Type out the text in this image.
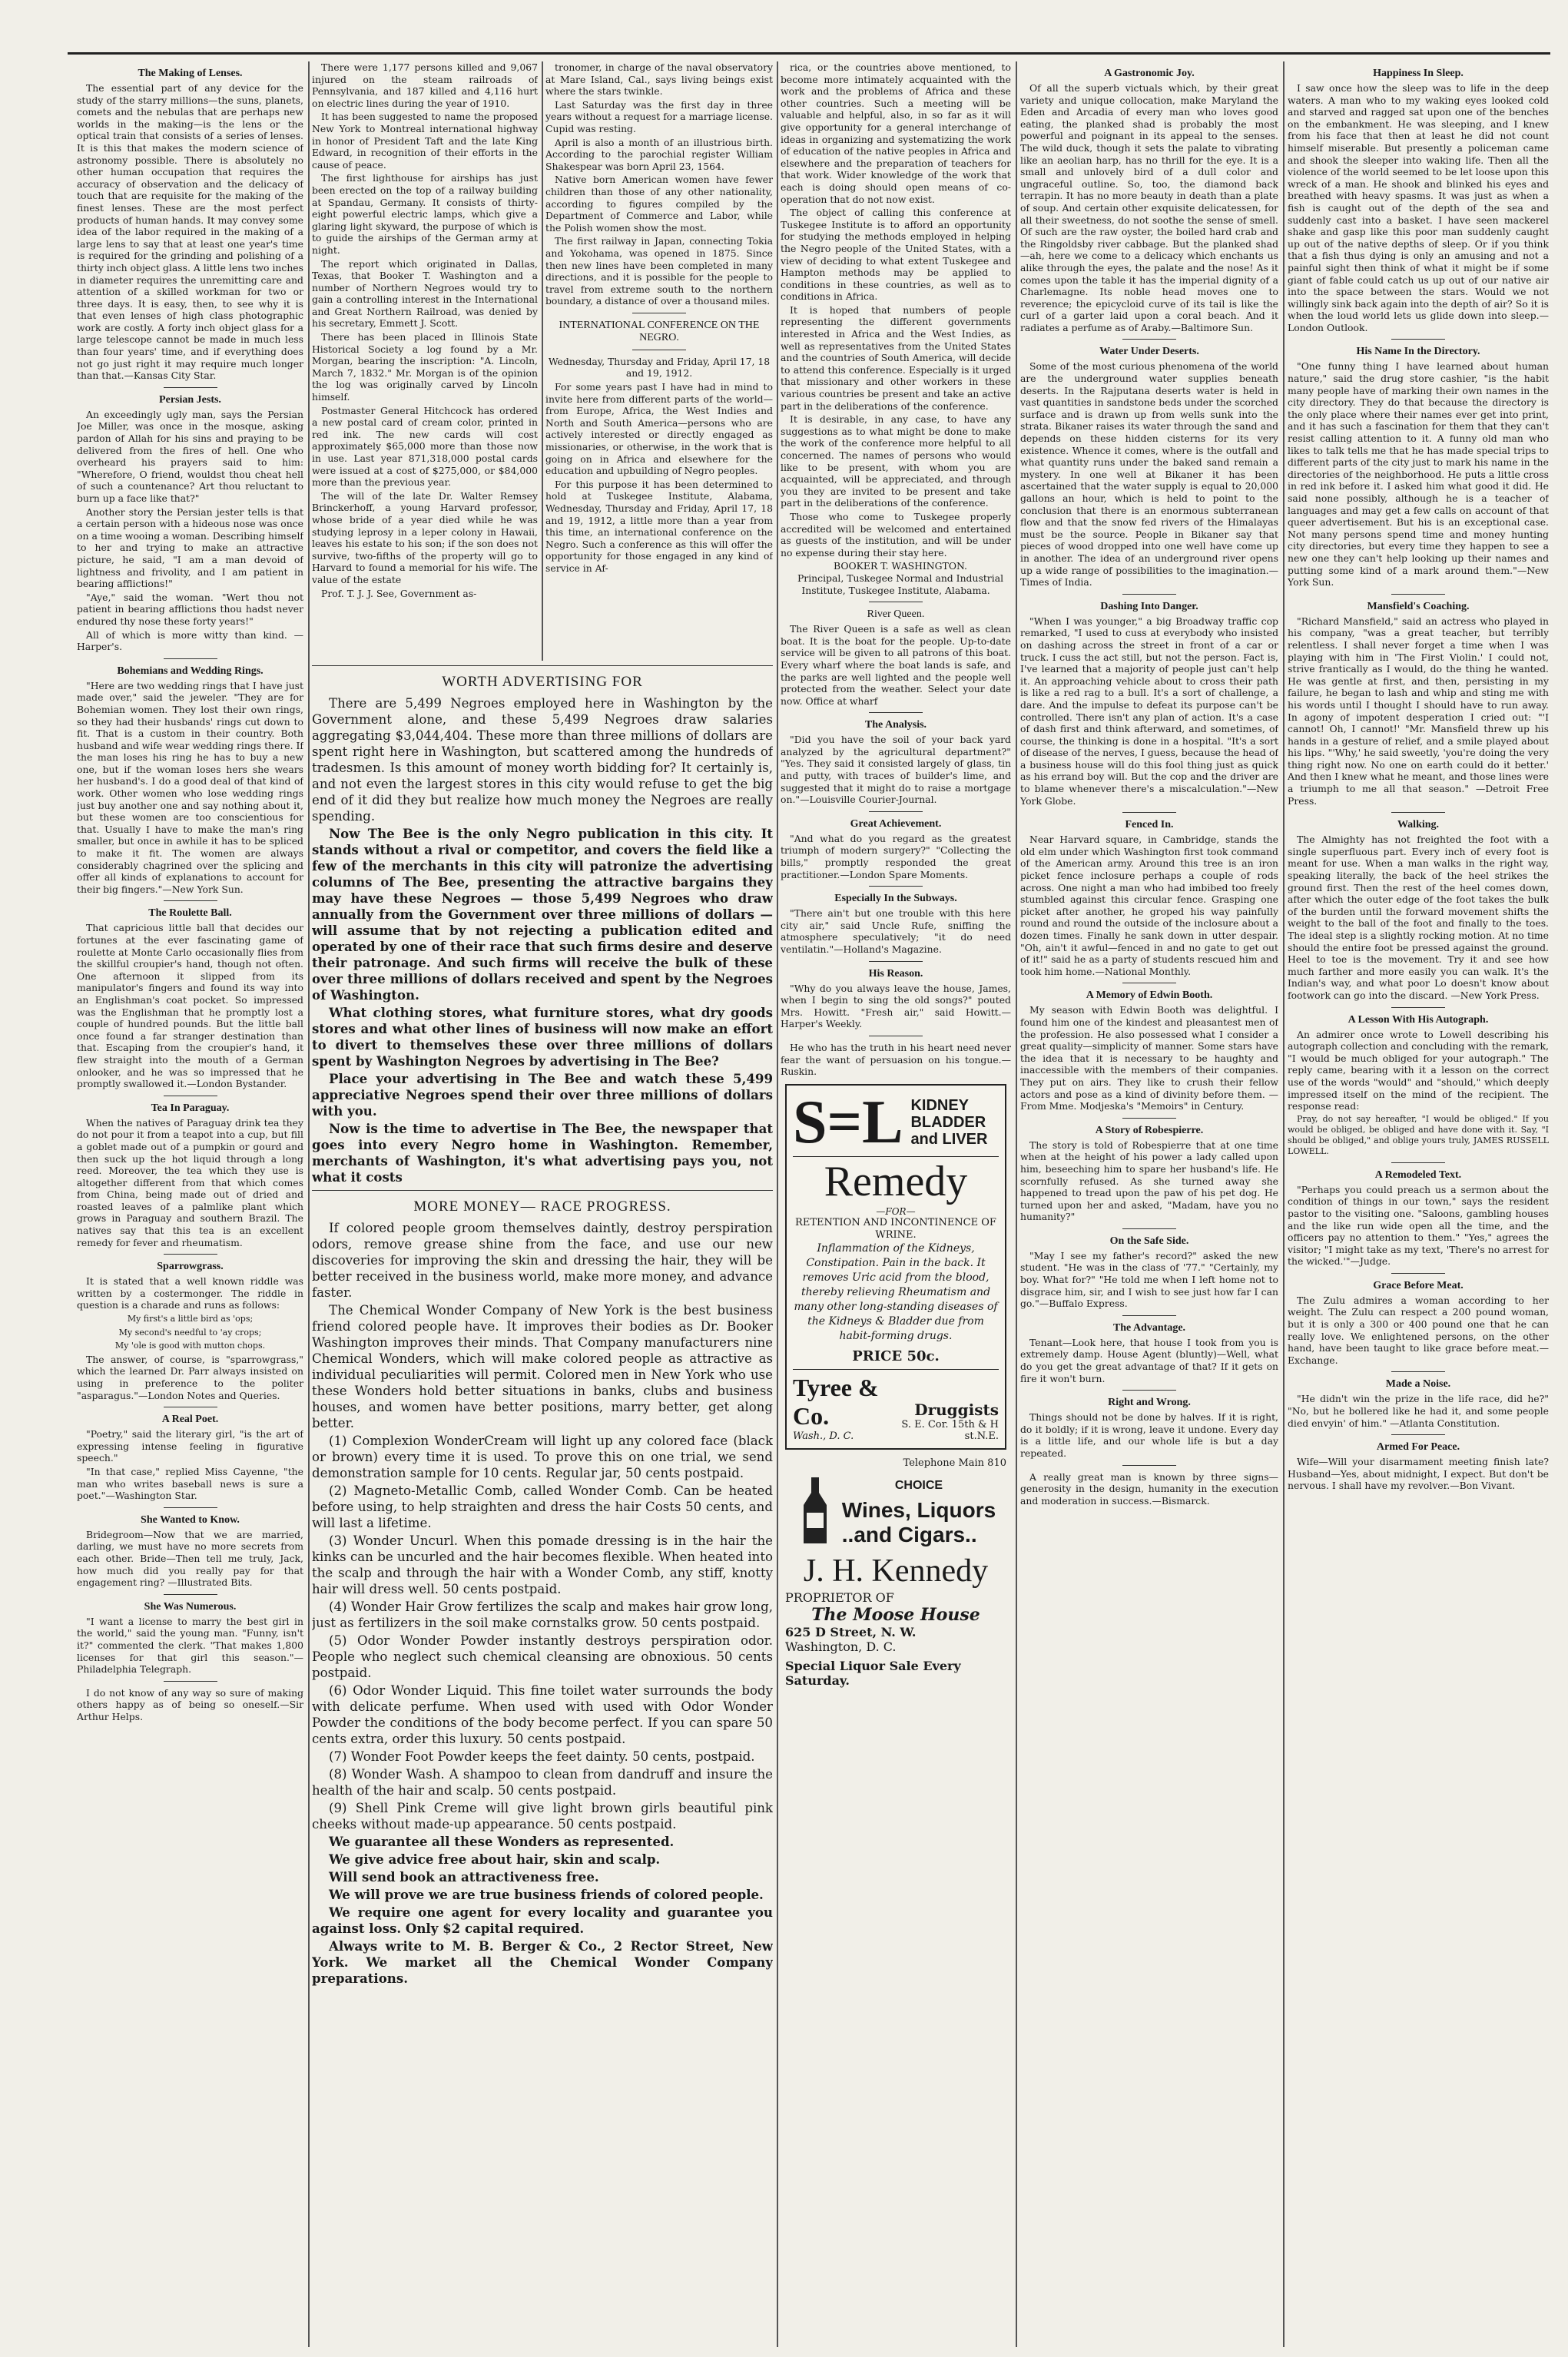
The Making of Lenses.

The essential part of any device for the study of the starry millions—the suns, planets, comets and the nebulas that are perhaps new worlds in the making—is the lens or the optical train that consists of a series of lenses. It is this that makes the modern science of astronomy possible. There is absolutely no other human occupation that requires the accuracy of observation and the delicacy of touch that are requisite for the making of the finest lenses. These are the most perfect products of human hands. It may convey some idea of the labor required in the making of a large lens to say that at least one year's time is required for the grinding and polishing of a thirty inch object glass. A little lens two inches in diameter requires the unremitting care and attention of a skilled workman for two or three days. It is easy, then, to see why it is that even lenses of high class photographic work are costly. A forty inch object glass for a large telescope cannot be made in much less than four years' time, and if everything does not go just right it may require much longer than that.—Kansas City Star.

Persian Jests.

An exceedingly ugly man, says the Persian Joe Miller, was once in the mosque, asking pardon of Allah for his sins and praying to be delivered from the fires of hell. One who overheard his prayers said to him: "Wherefore, O friend, wouldst thou cheat hell of such a countenance? Art thou reluctant to burn up a face like that?"

Another story the Persian jester tells is that a certain person with a hideous nose was once on a time wooing a woman. Describing himself to her and trying to make an attractive picture, he said, "I am a man devoid of lightness and frivolity, and I am patient in bearing afflictions!"

"Aye," said the woman. "Wert thou not patient in bearing afflictions thou hadst never endured thy nose these forty years!"

All of which is more witty than kind. —Harper's.

Bohemians and Wedding Rings.

"Here are two wedding rings that I have just made over," said the jeweler. "They are for Bohemian women. They lost their own rings, so they had their husbands' rings cut down to fit. That is a custom in their country. Both husband and wife wear wedding rings there. If the man loses his ring he has to buy a new one, but if the woman loses hers she wears her husband's. I do a good deal of that kind of work. Other women who lose wedding rings just buy another one and say nothing about it, but these women are too conscientious for that. Usually I have to make the man's ring smaller, but once in awhile it has to be spliced to make it fit. The women are always considerably chagrined over the splicing and offer all kinds of explanations to account for their big fingers."—New York Sun.

The Roulette Ball.

That capricious little ball that decides our fortunes at the ever fascinating game of roulette at Monte Carlo occasionally flies from the skillful croupier's hand, though not often. One afternoon it slipped from its manipulator's fingers and found its way into an Englishman's coat pocket. So impressed was the Englishman that he promptly lost a couple of hundred pounds. But the little ball once found a far stranger destination than that. Escaping from the croupier's hand, it flew straight into the mouth of a German onlooker, and he was so impressed that he promptly swallowed it.—London Bystander.

Tea In Paraguay.

When the natives of Paraguay drink tea they do not pour it from a teapot into a cup, but fill a goblet made out of a pumpkin or gourd and then suck up the hot liquid through a long reed. Moreover, the tea which they use is altogether different from that which comes from China, being made out of dried and roasted leaves of a palmlike plant which grows in Paraguay and southern Brazil. The natives say that this tea is an excellent remedy for fever and rheumatism.

Sparrowgrass.

It is stated that a well known riddle was written by a costermonger. The riddle in question is a charade and runs as follows:

My first's a little bird as 'ops;

My second's needful to 'ay crops;

My 'ole is good with mutton chops.

The answer, of course, is "sparrowgrass," which the learned Dr. Parr always insisted on using in preference to the politer "asparagus."—London Notes and Queries.

A Real Poet.

"Poetry," said the literary girl, "is the art of expressing intense feeling in figurative speech."

"In that case," replied Miss Cayenne, "the man who writes baseball news is sure a poet."—Washington Star.

She Wanted to Know.

Bridegroom—Now that we are married, darling, we must have no more secrets from each other. Bride—Then tell me truly, Jack, how much did you really pay for that engagement ring? —Illustrated Bits.

She Was Numerous.

"I want a license to marry the best girl in the world," said the young man. "Funny, isn't it?" commented the clerk. "That makes 1,800 licenses for that girl this season."—Philadelphia Telegraph.

I do not know of any way so sure of making others happy as of being so oneself.—Sir Arthur Helps.

There were 1,177 persons killed and 9,067 injured on the steam railroads of Pennsylvania, and 187 killed and 4,116 hurt on electric lines during the year of 1910.

It has been suggested to name the proposed New York to Montreal international highway in honor of President Taft and the late King Edward, in recognition of their efforts in the cause of peace.

The first lighthouse for airships has just been erected on the top of a railway building at Spandau, Germany. It consists of thirty-eight powerful electric lamps, which give a glaring light skyward, the purpose of which is to guide the airships of the German army at night.

The report which originated in Dallas, Texas, that Booker T. Washington and a number of Northern Negroes would try to gain a controlling interest in the International and Great Northern Railroad, was denied by his secretary, Emmett J. Scott.

There has been placed in Illinois State Historical Society a log found by a Mr. Morgan, bearing the inscription: "A. Lincoln, March 7, 1832." Mr. Morgan is of the opinion the log was originally carved by Lincoln himself.

Postmaster General Hitchcock has ordered a new postal card of cream color, printed in red ink. The new cards will cost approximately $65,000 more than those now in use. Last year 871,318,000 postal cards were issued at a cost of $275,000, or $84,000 more than the previous year.

The will of the late Dr. Walter Remsey Brinckerhoff, a young Harvard professor, whose bride of a year died while he was studying leprosy in a leper colony in Hawaii, leaves his estate to his son; if the son does not survive, two-fifths of the property will go to Harvard to found a memorial for his wife. The value of the estate

Prof. T. J. J. See, Government as-

tronomer, in charge of the naval observatory at Mare Island, Cal., says living beings exist where the stars twinkle.

Last Saturday was the first day in three years without a request for a marriage license. Cupid was resting.

April is also a month of an illustrious birth. According to the parochial register William Shakespear was born April 23, 1564.

Native born American women have fewer children than those of any other nationality, according to figures compiled by the Department of Commerce and Labor, while the Polish women show the most.

The first railway in Japan, connecting Tokia and Yokohama, was opened in 1875. Since then new lines have been completed in many directions, and it is possible for the people to travel from extreme south to the northern boundary, a distance of over a thousand miles.

INTERNATIONAL CONFERENCE ON THE NEGRO.

Wednesday, Thursday and Friday, April 17, 18 and 19, 1912.

For some years past I have had in mind to invite here from different parts of the world—from Europe, Africa, the West Indies and North and South America—persons who are actively interested or directly engaged as missionaries, or otherwise, in the work that is going on in Africa and elsewhere for the education and upbuilding of Negro peoples.

For this purpose it has been determined to hold at Tuskegee Institute, Alabama, Wednesday, Thursday and Friday, April 17, 18 and 19, 1912, a little more than a year from this time, an international conference on the Negro. Such a conference as this will offer the opportunity for those engaged in any kind of service in Af-

WORTH ADVERTISING FOR

There are 5,499 Negroes employed here in Washington by the Government alone, and these 5,499 Negroes draw salaries aggregating $3,044,404. These more than three millions of dollars are spent right here in Washington, but scattered among the hundreds of tradesmen. Is this amount of money worth bidding for? It certainly is, and not even the largest stores in this city would refuse to get the big end of it did they but realize how much money the Negroes are really spending.

Now The Bee is the only Negro publication in this city. It stands without a rival or competitor, and covers the field like a few of the merchants in this city will patronize the advertising columns of The Bee, presenting the attractive bargains they may have these Negroes — those 5,499 Negroes who draw annually from the Government over three millions of dollars — will assume that by not rejecting a publication edited and operated by one of their race that such firms desire and deserve their patronage. And such firms will receive the bulk of these over three millions of dollars received and spent by the Negroes of Washington.

What clothing stores, what furniture stores, what dry goods stores and what other lines of business will now make an effort to divert to themselves these over three millions of dollars spent by Washington Negroes by advertising in The Bee?

Place your advertising in The Bee and watch these 5,499 appreciative Negroes spend their over three millions of dollars with you.

Now is the time to advertise in The Bee, the newspaper that goes into every Negro home in Washington. Remember, merchants of Washington, it's what advertising pays you, not what it costs

MORE MONEY— RACE PROGRESS.

If colored people groom themselves daintly, destroy perspiration odors, remove grease shine from the face, and use our new discoveries for improving the skin and dressing the hair, they will be better received in the business world, make more money, and advance faster.

The Chemical Wonder Company of New York is the best business friend colored people have. It improves their bodies as Dr. Booker Washington improves their minds. That Company manufacturers nine Chemical Wonders, which will make colored people as attractive as individual peculiarities will permit. Colored men in New York who use these Wonders hold better situations in banks, clubs and business houses, and women have better positions, marry better, get along better.

(1) Complexion WonderCream will light up any colored face (black or brown) every time it is used. To prove this on one trial, we send demonstration sample for 10 cents. Regular jar, 50 cents postpaid.

(2) Magneto-Metallic Comb, called Wonder Comb. Can be heated before using, to help straighten and dress the hair Costs 50 cents, and will last a lifetime.

(3) Wonder Uncurl. When this pomade dressing is in the hair the kinks can be uncurled and the hair becomes flexible. When heated into the scalp and through the hair with a Wonder Comb, any stiff, knotty hair will dress well. 50 cents postpaid.

(4) Wonder Hair Grow fertilizes the scalp and makes hair grow long, just as fertilizers in the soil make cornstalks grow. 50 cents postpaid.

(5) Odor Wonder Powder instantly destroys perspiration odor. People who neglect such chemical cleansing are obnoxious. 50 cents postpaid.

(6) Odor Wonder Liquid. This fine toilet water surrounds the body with delicate perfume. When used with used with Odor Wonder Powder the conditions of the body become perfect. If you can spare 50 cents extra, order this luxury. 50 cents postpaid.

(7) Wonder Foot Powder keeps the feet dainty. 50 cents, postpaid.

(8) Wonder Wash. A shampoo to clean from dandruff and insure the health of the hair and scalp. 50 cents postpaid.

(9) Shell Pink Creme will give light brown girls beautiful pink cheeks without made-up appearance. 50 cents postpaid.

We guarantee all these Wonders as represented.

We give advice free about hair, skin and scalp.

Will send book an attractiveness free.

We will prove we are true business friends of colored people.

We require one agent for every locality and guarantee you against loss. Only $2 capital required.

Always write to M. B. Berger & Co., 2 Rector Street, New York. We market all the Chemical Wonder Company preparations.

rica, or the countries above mentioned, to become more intimately acquainted with the work and the problems of Africa and these other countries. Such a meeting will be valuable and helpful, also, in so far as it will give opportunity for a general interchange of ideas in organizing and systematizing the work of education of the native peoples in Africa and elsewhere and the preparation of teachers for that work. Wider knowledge of the work that each is doing should open means of co-operation that do not now exist.

The object of calling this conference at Tuskegee Institute is to afford an opportunity for studying the methods employed in helping the Negro people of the United States, with a view of deciding to what extent Tuskegee and Hampton methods may be applied to conditions in these countries, as well as to conditions in Africa.

It is hoped that numbers of people representing the different governments interested in Africa and the West Indies, as well as representatives from the United States and the countries of South America, will decide to attend this conference. Especially is it urged that missionary and other workers in these various countries be present and take an active part in the deliberations of the conference.

It is desirable, in any case, to have any suggestions as to what might be done to make the work of the conference more helpful to all concerned. The names of persons who would like to be present, with whom you are acquainted, will be appreciated, and through you they are invited to be present and take part in the deliberations of the conference.

Those who come to Tuskegee properly accredited will be welcomed and entertained as guests of the institution, and will be under no expense during their stay here.

BOOKER T. WASHINGTON.

Principal, Tuskegee Normal and Industrial Institute, Tuskegee Institute, Alabama.

River Queen.

The River Queen is a safe as well as clean boat. It is the boat for the people. Up-to-date service will be given to all patrons of this boat. Every wharf where the boat lands is safe, and the parks are well lighted and the people well protected from the weather. Select your date now. Office at wharf

The Analysis.

"Did you have the soil of your back yard analyzed by the agricultural department?" "Yes. They said it consisted largely of glass, tin and putty, with traces of builder's lime, and suggested that it might do to raise a mortgage on."—Louisville Courier-Journal.

Great Achievement.

"And what do you regard as the greatest triumph of modern surgery?" "Collecting the bills," promptly responded the great practitioner.—London Spare Moments.

Especially In the Subways.

"There ain't but one trouble with this here city air," said Uncle Rufe, sniffing the atmosphere speculatively; "it do need ventilatin."—Holland's Magazine.

His Reason.

"Why do you always leave the house, James, when I begin to sing the old songs?" pouted Mrs. Howitt. "Fresh air," said Howitt.—Harper's Weekly.

He who has the truth in his heart need never fear the want of persuasion on his tongue.—Ruskin.

S=L KIDNEY
BLADDER
and LIVER
Remedy
—FOR—
RETENTION AND INCONTINENCE OF WRINE.
Inflammation of the Kidneys, Constipation. Pain in the back. It removes Uric acid from the blood, thereby relieving Rheumatism and many other long-standing diseases of the Kidneys & Bladder due from habit-forming drugs.
PRICE 50c.
Tyree & Co.
Wash., D. C.
Druggists
S. E. Cor. 15th & H st.N.E.
Telephone Main 810
CHOICE
Wines, Liquors
..and Cigars..
J. H. Kennedy
PROPRIETOR OF
The Moose House
625 D Street, N. W.
Washington, D. C.
Special Liquor Sale Every Saturday.
A Gastronomic Joy.

Of all the superb victuals which, by their great variety and unique collocation, make Maryland the Eden and Arcadia of every man who loves good eating, the planked shad is probably the most powerful and poignant in its appeal to the senses. The wild duck, though it sets the palate to vibrating like an aeolian harp, has no thrill for the eye. It is a small and unlovely bird of a dull color and ungraceful outline. So, too, the diamond back terrapin. It has no more beauty in death than a plate of soup. And certain other exquisite delicatessen, for all their sweetness, do not soothe the sense of smell. Of such are the raw oyster, the boiled hard crab and the Ringoldsby river cabbage. But the planked shad—ah, here we come to a delicacy which enchants us alike through the eyes, the palate and the nose! As it comes upon the table it has the imperial dignity of a Charlemagne. Its noble head moves one to reverence; the epicycloid curve of its tail is like the curl of a garter laid upon a coral beach. And it radiates a perfume as of Araby.—Baltimore Sun.

Water Under Deserts.

Some of the most curious phenomena of the world are the underground water supplies beneath deserts. In the Rajputana deserts water is held in vast quantities in sandstone beds under the scorched surface and is drawn up from wells sunk into the strata. Bikaner raises its water through the sand and depends on these hidden cisterns for its very existence. Whence it comes, where is the outfall and what quantity runs under the baked sand remain a mystery. In one well at Bikaner it has been ascertained that the water supply is equal to 20,000 gallons an hour, which is held to point to the conclusion that there is an enormous subterranean flow and that the snow fed rivers of the Himalayas must be the source. People in Bikaner say that pieces of wood dropped into one well have come up in another. The idea of an underground river opens up a wide range of possibilities to the imagination.—Times of India.

Dashing Into Danger.

"When I was younger," a big Broadway traffic cop remarked, "I used to cuss at everybody who insisted on dashing across the street in front of a car or truck. I cuss the act still, but not the person. Fact is, I've learned that a majority of people just can't help it. An approaching vehicle about to cross their path is like a red rag to a bull. It's a sort of challenge, a dare. And the impulse to defeat its purpose can't be controlled. There isn't any plan of action. It's a case of dash first and think afterward, and sometimes, of course, the thinking is done in a hospital. "It's a sort of disease of the nerves, I guess, because the head of a business house will do this fool thing just as quick as his errand boy will. But the cop and the driver are to blame whenever there's a miscalculation."—New York Globe.

Fenced In.

Near Harvard square, in Cambridge, stands the old elm under which Washington first took command of the American army. Around this tree is an iron picket fence inclosure perhaps a couple of rods across. One night a man who had imbibed too freely stumbled against this circular fence. Grasping one picket after another, he groped his way painfully round and round the outside of the inclosure about a dozen times. Finally he sank down in utter despair. "Oh, ain't it awful—fenced in and no gate to get out of it!" said he as a party of students rescued him and took him home.—National Monthly.

A Memory of Edwin Booth.

My season with Edwin Booth was delightful. I found him one of the kindest and pleasantest men of the profession. He also possessed what I consider a great quality—simplicity of manner. Some stars have the idea that it is necessary to be haughty and inaccessible with the members of their companies. They put on airs. They like to crush their fellow actors and pose as a kind of divinity before them. —From Mme. Modjeska's "Memoirs" in Century.

A Story of Robespierre.

The story is told of Robespierre that at one time when at the height of his power a lady called upon him, beseeching him to spare her husband's life. He scornfully refused. As she turned away she happened to tread upon the paw of his pet dog. He turned upon her and asked, "Madam, have you no humanity?"

On the Safe Side.

"May I see my father's record?" asked the new student. "He was in the class of '77." "Certainly, my boy. What for?" "He told me when I left home not to disgrace him, sir, and I wish to see just how far I can go."—Buffalo Express.

The Advantage.

Tenant—Look here, that house I took from you is extremely damp. House Agent (bluntly)—Well, what do you get the great advantage of that? If it gets on fire it won't burn.

Right and Wrong.

Things should not be done by halves. If it is right, do it boldly; if it is wrong, leave it undone. Every day is a little life, and our whole life is but a day repeated.

A really great man is known by three signs—generosity in the design, humanity in the execution and moderation in success.—Bismarck.

Happiness In Sleep.

I saw once how the sleep was to life in the deep waters. A man who to my waking eyes looked cold and starved and ragged sat upon one of the benches on the embankment. He was sleeping, and I knew from his face that then at least he did not count himself miserable. But presently a policeman came and shook the sleeper into waking life. Then all the violence of the world seemed to be let loose upon this wreck of a man. He shook and blinked his eyes and breathed with heavy spasms. It was just as when a fish is caught out of the depth of the sea and suddenly cast into a basket. I have seen mackerel shake and gasp like this poor man suddenly caught up out of the native depths of sleep. Or if you think that a fish thus dying is only an amusing and not a painful sight then think of what it might be if some giant of fable could catch us up out of our native air into the space between the stars. Would we not willingly sink back again into the depth of air? So it is when the loud world lets us glide down into sleep.—London Outlook.

His Name In the Directory.

"One funny thing I have learned about human nature," said the drug store cashier, "is the habit many people have of marking their own names in the city directory. They do that because the directory is the only place where their names ever get into print, and it has such a fascination for them that they can't resist calling attention to it. A funny old man who likes to talk tells me that he has made special trips to different parts of the city just to mark his name in the directories of the neighborhood. He puts a little cross in red ink before it. I asked him what good it did. He said none possibly, although he is a teacher of languages and may get a few calls on account of that queer advertisement. But his is an exceptional case. Not many persons spend time and money hunting city directories, but every time they happen to see a new one they can't help looking up their names and putting some kind of a mark around them."—New York Sun.

Mansfield's Coaching.

"Richard Mansfield," said an actress who played in his company, "was a great teacher, but terribly relentless. I shall never forget a time when I was playing with him in 'The First Violin.' I could not, strive frantically as I would, do the thing he wanted. He was gentle at first, and then, persisting in my failure, he began to lash and whip and sting me with his words until I thought I should have to run away. In agony of impotent desperation I cried out: "'I cannot! Oh, I cannot!' "Mr. Mansfield threw up his hands in a gesture of relief, and a smile played about his lips. "'Why,' he said sweetly, 'you're doing the very thing right now. No one on earth could do it better.' And then I knew what he meant, and those lines were a triumph to me all that season." —Detroit Free Press.

Walking.

The Almighty has not freighted the foot with a single superfluous part. Every inch of every foot is meant for use. When a man walks in the right way, speaking literally, the back of the heel strikes the ground first. Then the rest of the heel comes down, after which the outer edge of the foot takes the bulk of the burden until the forward movement shifts the weight to the ball of the foot and finally to the toes. The ideal step is a slightly rocking motion. At no time should the entire foot be pressed against the ground. Heel to toe is the movement. Try it and see how much farther and more easily you can walk. It's the Indian's way, and what poor Lo doesn't know about footwork can go into the discard. —New York Press.

A Lesson With His Autograph.

An admirer once wrote to Lowell describing his autograph collection and concluding with the remark, "I would be much obliged for your autograph." The reply came, bearing with it a lesson on the correct use of the words "would" and "should," which deeply impressed itself on the mind of the recipient. The response read:

Pray, do not say hereafter, "I would be obliged." If you would be obliged, be obliged and have done with it. Say, "I should be obliged," and oblige yours truly, JAMES RUSSELL LOWELL.

A Remodeled Text.

"Perhaps you could preach us a sermon about the condition of things in our town," says the resident pastor to the visiting one. "Saloons, gambling houses and the like run wide open all the time, and the officers pay no attention to them." "Yes," agrees the visitor; "I might take as my text, 'There's no arrest for the wicked.'"—Judge.

Grace Before Meat.

The Zulu admires a woman according to her weight. The Zulu can respect a 200 pound woman, but it is only a 300 or 400 pound one that he can really love. We enlightened persons, on the other hand, have been taught to like grace before meat.—Exchange.

Made a Noise.

"He didn't win the prize in the life race, did he?" "No, but he bollered like he had it, and some people died envyin' of him." —Atlanta Constitution.

Armed For Peace.

Wife—Will your disarmament meeting finish late? Husband—Yes, about midnight, I expect. But don't be nervous. I shall have my revolver.—Bon Vivant.
